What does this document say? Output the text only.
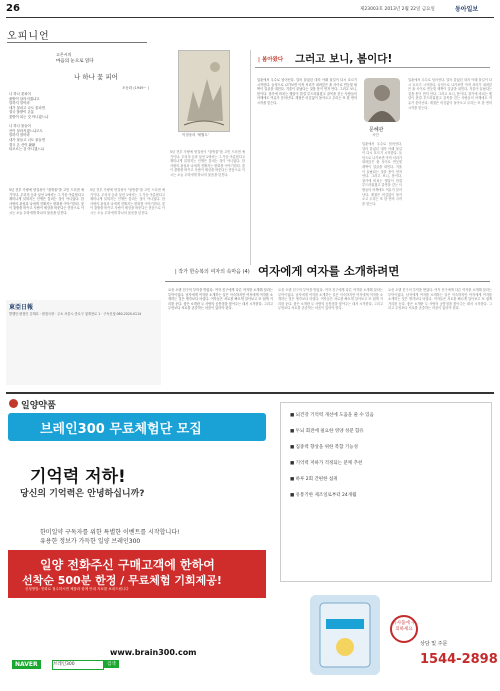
26	제23003호 2013년 2월 22일 금요일	동아일보
오피니언
고은시의
마음의 눈으로 읽다
나 하나 꽃 피어
조동화 (1949~ )
나 하나 꽃피어
풀밭이 달라지겠냐고
말하지 말아라
네가 꽃피고 나도 꽃피면
결국 풀밭이 온통
꽃밭이 되는 것 아니겠느냐

나 하나 물들어
산이 달라지겠느냐고도
말하지 말아라
내가 물들고 너도 물들면
결국 온 산이 활활
타오르는 것 아니겠느냐
5년 전부 가량에 양질성이 "물방울"을 고민 드러낸 얘기이다. 우리의 등과 낯선 1에서는 그 가슴 아름답다고 재미나게 읽혀지는 인생은 꽃피는 것이 아니었다. 한 사람의 관심과 나에게 전해지는 변화를 이야기한다. 꽃이 풀밭을 바꾸고 사람이 세상을 바꾼다는 믿음으로 이 시는 오늘 우리에게 하나의 물음을 던진다.
5년 전부 가량에 양질성이 "물방울"을 고민 드러낸 얘기이다. 우리의 등과 낯선 1에서는 그 가슴 아름답다고 재미나게 읽혀지는 인생은 꽃피는 것이 아니었다. 한 사람의 관심과 나에게 전해지는 변화를 이야기한다. 꽃이 풀밭을 바꾸고 사람이 세상을 바꾼다는 믿음으로 이 시는 오늘 우리에게 하나의 물음을 던진다.
5년 전부 가량에 양질성이 "물방울"을 고민 드러낸 얘기이다. 우리의 등과 낯선 1에서는 그 가슴 아름답다고 재미나게 읽혀지는 인생은 꽃피는 것이 아니었다. 한 사람의 관심과 나에게 전해지는 변화를 이야기한다. 꽃이 풀밭을 바꾸고 사람이 세상을 바꾼다는 믿음으로 이 시는 오늘 우리에게 하나의 물음을 던진다.
이정웅의 '세월도'
| 봄아왔다 그러고 보니, 봄이다!
입춘에서 우수로 넘어선다. 얼어 붙었던 대지 아래 물길이 다시 흐르기 시작한다. 들녘으로 나가보면 아직 서리가 내려앉은 흙 사이로 연둣빛 새싹이 얼굴을 내민다. 겨울이 끝났다는 것을 몸이 먼저 안다. 그러고 보니, 봄이다. 창가에 비치는 햇살이 한결 부드러워졌고 골목을 걷는 사람들의 어깨에도 여유가 묻어난다. 계절은 어김없이 돌아오고 우리는 또 한 번의 시작을 맞는다.
문혜관
시인
입춘에서 우수로 넘어선다. 얼어 붙었던 대지 아래 물길이 다시 흐르기 시작한다. 들녘으로 나가보면 아직 서리가 내려앉은 흙 사이로 연둣빛 새싹이 얼굴을 내민다. 겨울이 끝났다는 것을 몸이 먼저 안다. 그러고 보니, 봄이다. 창가에 비치는 햇살이 한결 부드러워졌고 골목을 걷는 사람들의 어깨에도 여유가 묻어난다. 계절은 어김없이 돌아오고 우리는 또 한 번의 시작을 맞는다.
입춘에서 우수로 넘어선다. 얼어 붙었던 대지 아래 물길이 다시 흐르기 시작한다. 들녘으로 나가보면 아직 서리가 내려앉은 흙 사이로 연둣빛 새싹이 얼굴을 내민다. 겨울이 끝났다는 것을 몸이 먼저 안다. 그러고 보니, 봄이다. 창가에 비치는 햇살이 한결 부드러워졌고 골목을 걷는 사람들의 어깨에도 여유가 묻어난다. 계절은 어김없이 돌아오고 우리는 또 한 번의 시작을 맞는다.
| 작가 한승복의 여자의 속마음 (4) 여자에게 여자를 소개하려면
요즘 오랜 친구의 부탁을 받았다. 여자 친구에게 다른 여자를 소개해 달라는 부탁이었다. 남자에게 여자를 소개하는 일은 익숙하지만 여자에게 여자를 소개하는 것은 생각보다 어렵다. 여자들은 서로를 빠르게 알아보고 또 쉽게 거리를 둔다. 좋은 소개란 두 사람의 공통점을 찾아주는 데서 시작한다. 그리고 무엇보다 서로를 존중하는 마음이 있어야 한다.
요즘 오랜 친구의 부탁을 받았다. 여자 친구에게 다른 여자를 소개해 달라는 부탁이었다. 남자에게 여자를 소개하는 일은 익숙하지만 여자에게 여자를 소개하는 것은 생각보다 어렵다. 여자들은 서로를 빠르게 알아보고 또 쉽게 거리를 둔다. 좋은 소개란 두 사람의 공통점을 찾아주는 데서 시작한다. 그리고 무엇보다 서로를 존중하는 마음이 있어야 한다.
요즘 오랜 친구의 부탁을 받았다. 여자 친구에게 다른 여자를 소개해 달라는 부탁이었다. 남자에게 여자를 소개하는 일은 익숙하지만 여자에게 여자를 소개하는 것은 생각보다 어렵다. 여자들은 서로를 빠르게 알아보고 또 쉽게 거리를 둔다. 좋은 소개란 두 사람의 공통점을 찾아주는 데서 시작한다. 그리고 무엇보다 서로를 존중하는 마음이 있어야 한다.
東亞日報
발행인·편집인 김재호 · 편집국장 · 주소 서울시 종로구 청계천로 1 · 구독신청 080-2020-0114
일양약품
브레인300 무료체험단 모집
기억력 저하!
당신의 기억력은 안녕하십니까?
한미일약 구독자를 위한 특별한 이벤트를 시작합니다!
유용한 정보가 가득한 일양 브레인300
일양 전화주신 구매고객에 한하여
선착순 500분 한정 / 무료체험 기회제공!
신청방법: 전화로 접수하시면 제품과 함께 안내 자료를 보내드립니다
www.brain300.com
NAVER	브레인300	검색
■ 뇌건강 기억력 개선에 도움을 줄 수 있음
■ 두뇌 회전에 필요한 영양 성분 함유
■ 집중력 향상을 위한 복합 기능성
■ 기억력 저하가 걱정되는 분께 추천
■ 하루 2회 간편한 섭취
■ 유통기한 제조일로부터 24개월
유사품에 주의하세요
상담 및 주문
1544-2898
